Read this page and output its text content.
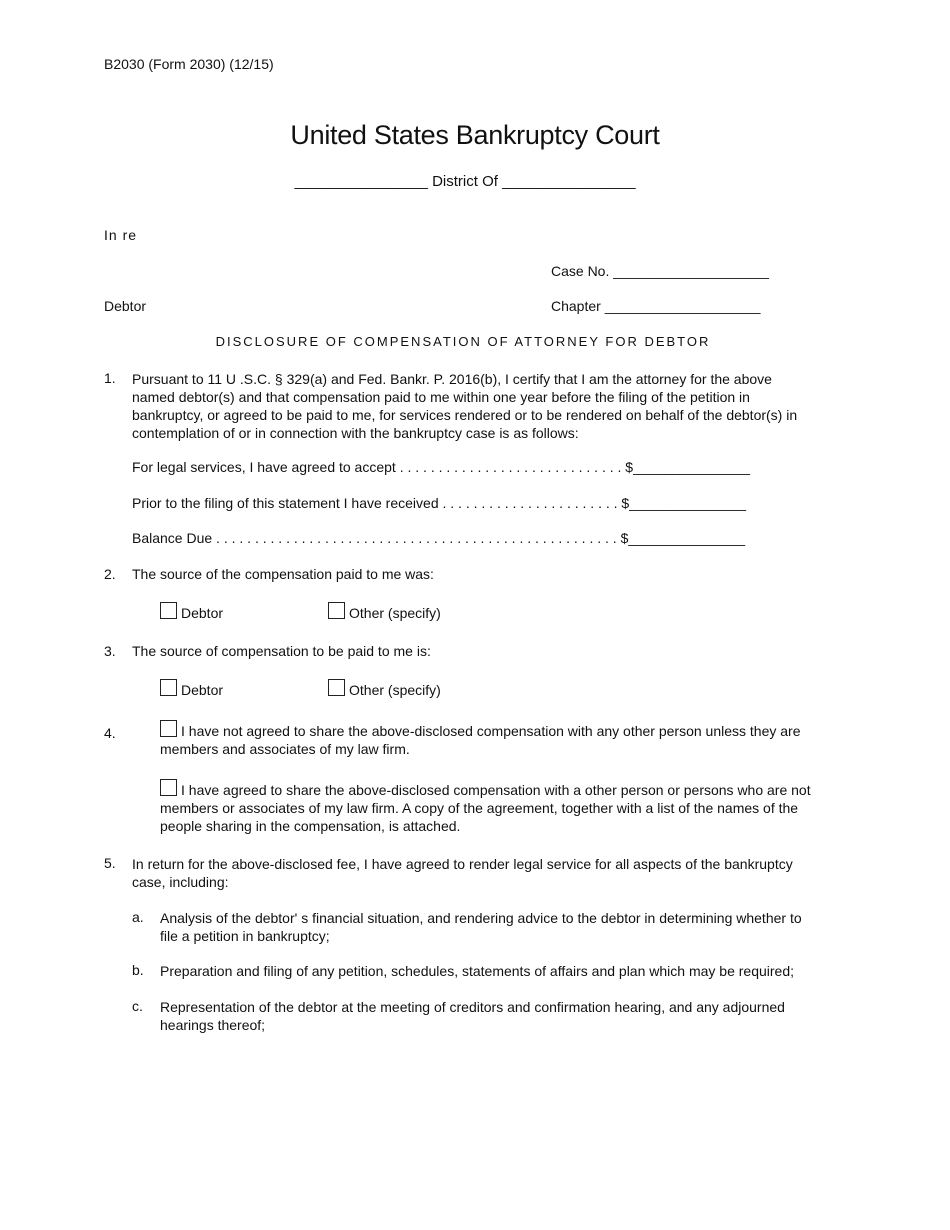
B2030 (Form 2030) (12/15)
United States Bankruptcy Court
________________ District Of ________________
In re
Case No. ____________________
Debtor	Chapter ____________________
DISCLOSURE OF COMPENSATION OF ATTORNEY FOR DEBTOR
1. Pursuant to 11 U .S.C. § 329(a) and Fed. Bankr. P. 2016(b), I certify that I am the attorney for the above named debtor(s) and that compensation paid to me within one year before the filing of the petition in bankruptcy, or agreed to be paid to me, for services rendered or to be rendered on behalf of the debtor(s) in contemplation of or in connection with the bankruptcy case is as follows:
For legal services, I have agreed to accept . . . . . . . . . . . . . . . . . . . . . . . . . . . . . $_______________
Prior to the filing of this statement I have received . . . . . . . . . . . . . . . . . . . . . . . $_______________
Balance Due . . . . . . . . . . . . . . . . . . . . . . . . . . . . . . . . . . . . . . . . . . . . . . . . . . . . $_______________
2. The source of the compensation paid to me was:
Debtor	Other (specify)
3. The source of compensation to be paid to me is:
Debtor	Other (specify)
4.	I have not agreed to share the above-disclosed compensation with any other person unless they are members and associates of my law firm.
I have agreed to share the above-disclosed compensation with a other person or persons who are not members or associates of my law firm. A copy of the agreement, together with a list of the names of the people sharing in the compensation, is attached.
5. In return for the above-disclosed fee, I have agreed to render legal service for all aspects of the bankruptcy case, including:
a. Analysis of the debtor' s financial situation, and rendering advice to the debtor in determining whether to file a petition in bankruptcy;
b. Preparation and filing of any petition, schedules, statements of affairs and plan which may be required;
c. Representation of the debtor at the meeting of creditors and confirmation hearing, and any adjourned hearings thereof;
